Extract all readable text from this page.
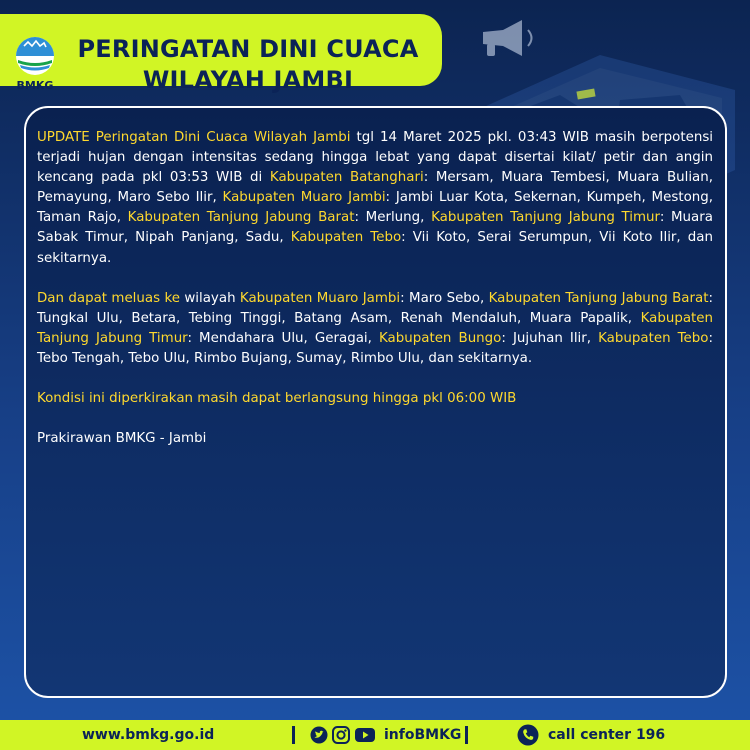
BMKG
PERINGATAN DINI CUACA
WILAYAH JAMBI

UPDATE Peringatan Dini Cuaca Wilayah Jambi tgl 14 Maret 2025 pkl. 03:43 WIB masih berpotensi terjadi hujan dengan intensitas sedang hingga lebat yang dapat disertai kilat/ petir dan angin kencang pada pkl 03:53 WIB di Kabupaten Batanghari: Mersam, Muara Tembesi, Muara Bulian, Pemayung, Maro Sebo Ilir, Kabupaten Muaro Jambi: Jambi Luar Kota, Sekernan, Kumpeh, Mestong, Taman Rajo, Kabupaten Tanjung Jabung Barat: Merlung, Kabupaten Tanjung Jabung Timur: Muara Sabak Timur, Nipah Panjang, Sadu, Kabupaten Tebo: Vii Koto, Serai Serumpun, Vii Koto Ilir, dan sekitarnya.

Dan dapat meluas ke wilayah Kabupaten Muaro Jambi: Maro Sebo, Kabupaten Tanjung Jabung Barat: Tungkal Ulu, Betara, Tebing Tinggi, Batang Asam, Renah Mendaluh, Muara Papalik, Kabupaten Tanjung Jabung Timur: Mendahara Ulu, Geragai, Kabupaten Bungo: Jujuhan Ilir, Kabupaten Tebo: Tebo Tengah, Tebo Ulu, Rimbo Bujang, Sumay, Rimbo Ulu, dan sekitarnya.

Kondisi ini diperkirakan masih dapat berlangsung hingga pkl 06:00 WIB

Prakirawan BMKG - Jambi

www.bmkg.go.id	infoBMKG	call center 196
